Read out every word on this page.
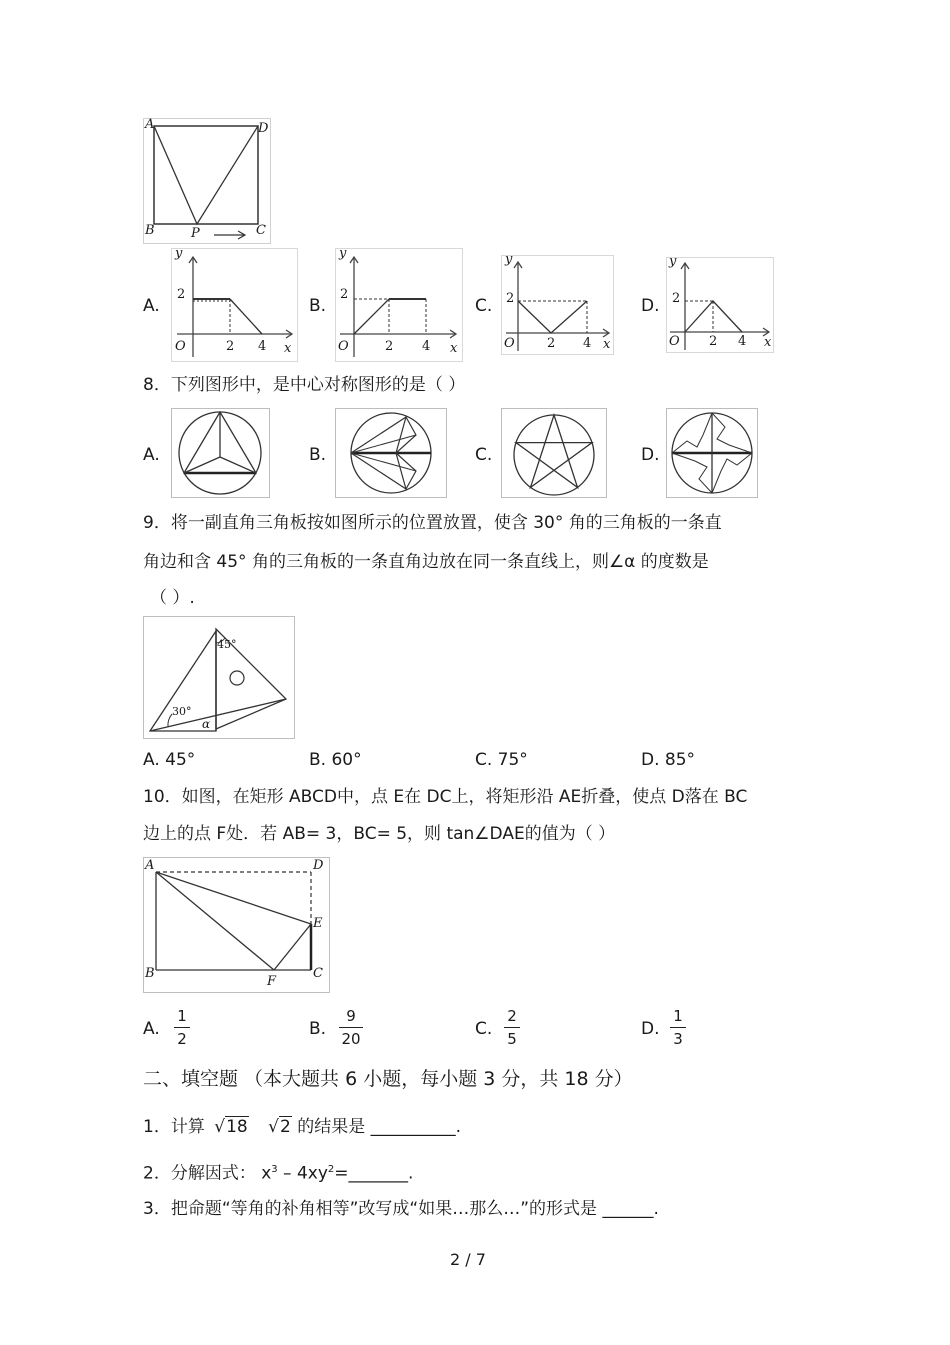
A	D
B	C
P
A.
y
2
O	2 4 x
B.
y
2
O	2 4 x
C.
y
2
O 2 4 x
D.
y
2
O 2 4 x
8．下列图形中，是中心对称图形的是（ ）
A.	B.	C.	D.
9．将一副直角三角板按如图所示的位置放置，使含 30° 角的三角板的一条直
角边和含 45° 角的三角板的一条直角边放在同一条直线上，则∠α 的度数是
（ ）.
45°
30°
α
A. 45°	B. 60°	C. 75°	D. 85°
10．如图，在矩形 ABCD中，点 E在 DC上，将矩形沿 AE折叠，使点 D落在 BC
边上的点 F处．若 AB= 3，BC= 5，则 tan∠DAE的值为（ ）
A	D
E
B
F
C
A.
1
2	B.
9
20	C.
2
5	D.
1
3
二、填空题 （本大题共 6 小题，每小题 3 分，共 18 分）
1．计算 √18 √2 的结果是 __________.
2．分解因式： $x^3$ – $4xy^2=\_\_\_\_\_\_\_$.
3．把命题“等角的补角相等”改写成“如果…那么…”的形式是 ______.
2 / 7
